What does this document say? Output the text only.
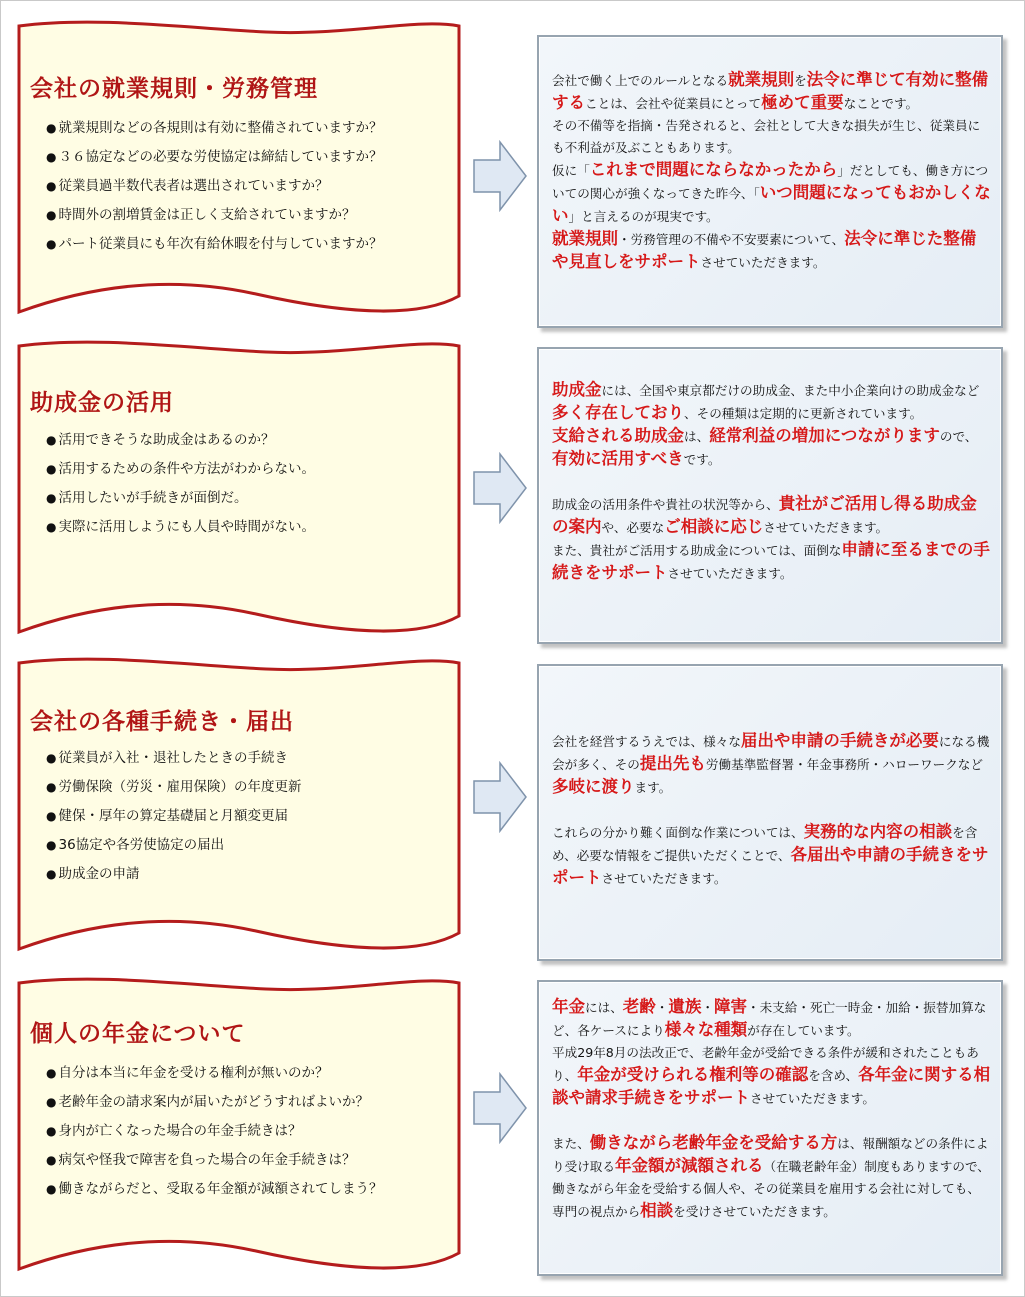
会社の就業規則・労務管理
● 就業規則などの各規則は有効に整備されていますか？
● ３６協定などの必要な労使協定は締結していますか？
● 従業員過半数代表者は選出されていますか？
● 時間外の割増賃金は正しく支給されていますか？
● パート従業員にも年次有給休暇を付与していますか？
会社で働く上でのルールとなる就業規則を法令に準じて有効に整備することは、会社や従業員にとって極めて重要なことです。
その不備等を指摘・告発されると、会社として大きな損失が生じ、従業員にも不利益が及ぶこともあります。
仮に「これまで問題にならなかったから」だとしても、働き方についての関心が強くなってきた昨今、「いつ問題になってもおかしくない」と言えるのが現実です。
就業規則・労務管理の不備や不安要素について、法令に準じた整備や見直しをサポートさせていただきます。
助成金の活用
● 活用できそうな助成金はあるのか？
● 活用するための条件や方法がわからない。
● 活用したいが手続きが面倒だ。
● 実際に活用しようにも人員や時間がない。
助成金には、全国や東京都だけの助成金、また中小企業向けの助成金など多く存在しており、その種類は定期的に更新されています。
支給される助成金は、経常利益の増加につながりますので、有効に活用すべきです。
助成金の活用条件や貴社の状況等から、貴社がご活用し得る助成金の案内や、必要なご相談に応じさせていただきます。
また、貴社がご活用する助成金については、面倒な申請に至るまでの手続きをサポートさせていただきます。
会社の各種手続き・届出
● 従業員が入社・退社したときの手続き
● 労働保険（労災・雇用保険）の年度更新
● 健保・厚年の算定基礎届と月額変更届
● 36協定や各労使協定の届出
● 助成金の申請
会社を経営するうえでは、様々な届出や申請の手続きが必要になる機会が多く、その提出先も労働基準監督署・年金事務所・ハローワークなど多岐に渡ります。
これらの分かり難く面倒な作業については、実務的な内容の相談を含め、必要な情報をご提供いただくことで、各届出や申請の手続きをサポートさせていただきます。
個人の年金について
● 自分は本当に年金を受ける権利が無いのか？
● 老齢年金の請求案内が届いたがどうすればよいか？
● 身内が亡くなった場合の年金手続きは？
● 病気や怪我で障害を負った場合の年金手続きは？
● 働きながらだと、受取る年金額が減額されてしまう？
年金には、老齢・遺族・障害・未支給・死亡一時金・加給・振替加算など、各ケースにより様々な種類が存在しています。
平成29年8月の法改正で、老齢年金が受給できる条件が緩和されたこともあり、年金が受けられる権利等の確認を含め、各年金に関する相談や請求手続きをサポートさせていただきます。
また、働きながら老齢年金を受給する方は、報酬額などの条件により受け取る年金額が減額される（在職老齢年金）制度もありますので、働きながら年金を受給する個人や、その従業員を雇用する会社に対しても、専門の視点から相談を受けさせていただきます。
